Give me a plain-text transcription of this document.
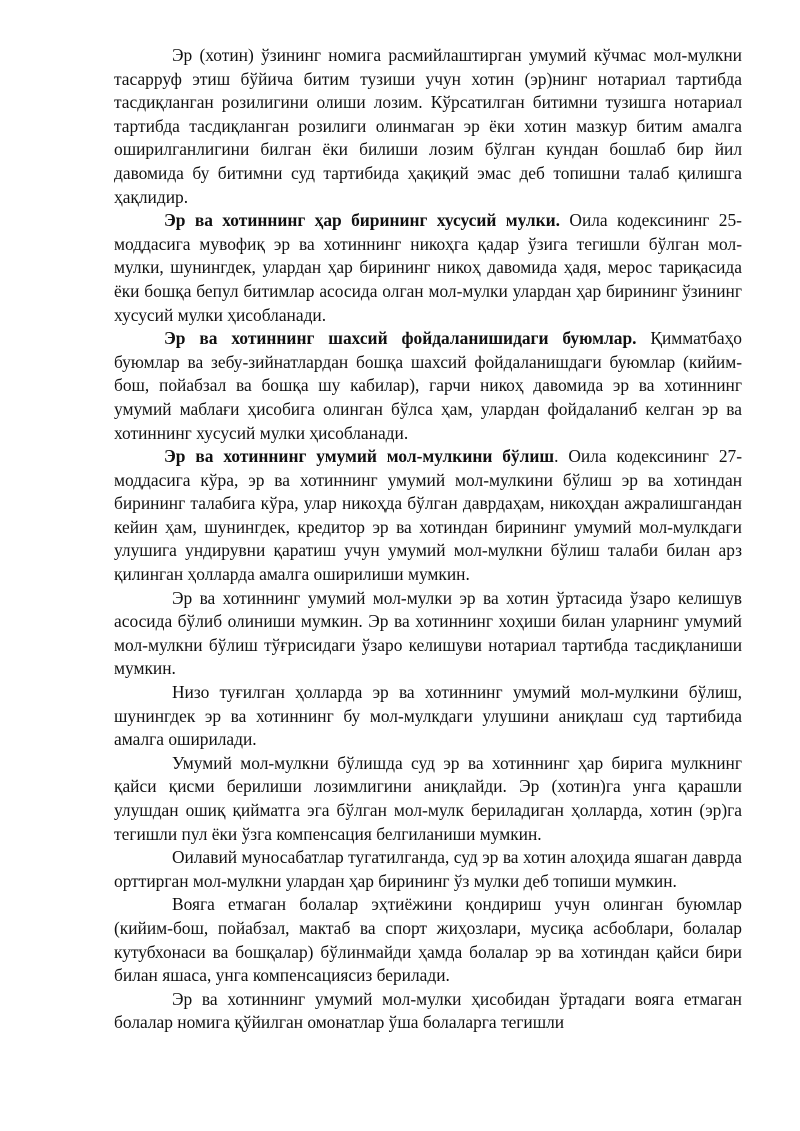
Эр (хотин) ўзининг номига расмийлаштирган умумий кўчмас мол-мулкни тасарруф этиш бўйича битим тузиши учун хотин (эр)нинг нотариал тартибда тасдиқланган розилигини олиши лозим. Кўрсатилган битимни тузишга нотариал тартибда тасдиқланган розилиги олинмаган эр ёки хотин мазкур битим амалга оширилганлигини билган ёки билиши лозим бўлган кундан бошлаб бир йил давомида бу битимни суд тартибида ҳақиқий эмас деб топишни талаб қилишга ҳақлидир.

Эр ва хотиннинг ҳар бирининг хусусий мулки. Оила кодексининг 25-моддасига мувофиқ эр ва хотиннинг никоҳга қадар ўзига тегишли бўлган мол-мулки, шунингдек, улардан ҳар бирининг никоҳ давомида ҳадя, мерос тариқасида ёки бошқа бепул битимлар асосида олган мол-мулки улардан ҳар бирининг ўзининг хусусий мулки ҳисобланади.

Эр ва хотиннинг шахсий фойдаланишидаги буюмлар. Қимматбаҳо буюмлар ва зебу-зийнатлардан бошқа шахсий фойдаланишдаги буюмлар (кийим-бош, пойабзал ва бошқа шу кабилар), гарчи никоҳ давомида эр ва хотиннинг умумий маблағи ҳисобига олинган бўлса ҳам, улардан фойдаланиб келган эр ва хотиннинг хусусий мулки ҳисобланади.

Эр ва хотиннинг умумий мол-мулкини бўлиш. Оила кодексининг 27-моддасига кўра, эр ва хотиннинг умумий мол-мулкини бўлиш эр ва хотиндан бирининг талабига кўра, улар никоҳда бўлган даврдаҳам, никоҳдан ажралишгандан кейин ҳам, шунингдек, кредитор эр ва хотиндан бирининг умумий мол-мулкдаги улушига ундирувни қаратиш учун умумий мол-мулкни бўлиш талаби билан арз қилинган ҳолларда амалга оширилиши мумкин.

Эр ва хотиннинг умумий мол-мулки эр ва хотин ўртасида ўзаро келишув асосида бўлиб олиниши мумкин. Эр ва хотиннинг хоҳиши билан уларнинг умумий мол-мулкни бўлиш тўғрисидаги ўзаро келишуви нотариал тартибда тасдиқланиши мумкин.

Низо туғилган ҳолларда эр ва хотиннинг умумий мол-мулкини бўлиш, шунингдек эр ва хотиннинг бу мол-мулкдаги улушини аниқлаш суд тартибида амалга оширилади.

Умумий мол-мулкни бўлишда суд эр ва хотиннинг ҳар бирига мулкнинг қайси қисми берилиши лозимлигини аниқлайди. Эр (хотин)га унга қарашли улушдан ошиқ қийматга эга бўлган мол-мулк бериладиган ҳолларда, хотин (эр)га тегишли пул ёки ўзга компенсация белгиланиши мумкин.

Оилавий муносабатлар тугатилганда, суд эр ва хотин алоҳида яшаган даврда орттирган мол-мулкни улардан ҳар бирининг ўз мулки деб топиши мумкин.

Вояга етмаган болалар эҳтиёжини қондириш учун олинган буюмлар (кийим-бош, пойабзал, мактаб ва спорт жиҳозлари, мусиқа асбоблари, болалар кутубхонаси ва бошқалар) бўлинмайди ҳамда болалар эр ва хотиндан қайси бири билан яшаса, унга компенсациясиз берилади.

Эр ва хотиннинг умумий мол-мулки ҳисобидан ўртадаги вояга етмаган болалар номига қўйилган омонатлар ўша болаларга тегишли
